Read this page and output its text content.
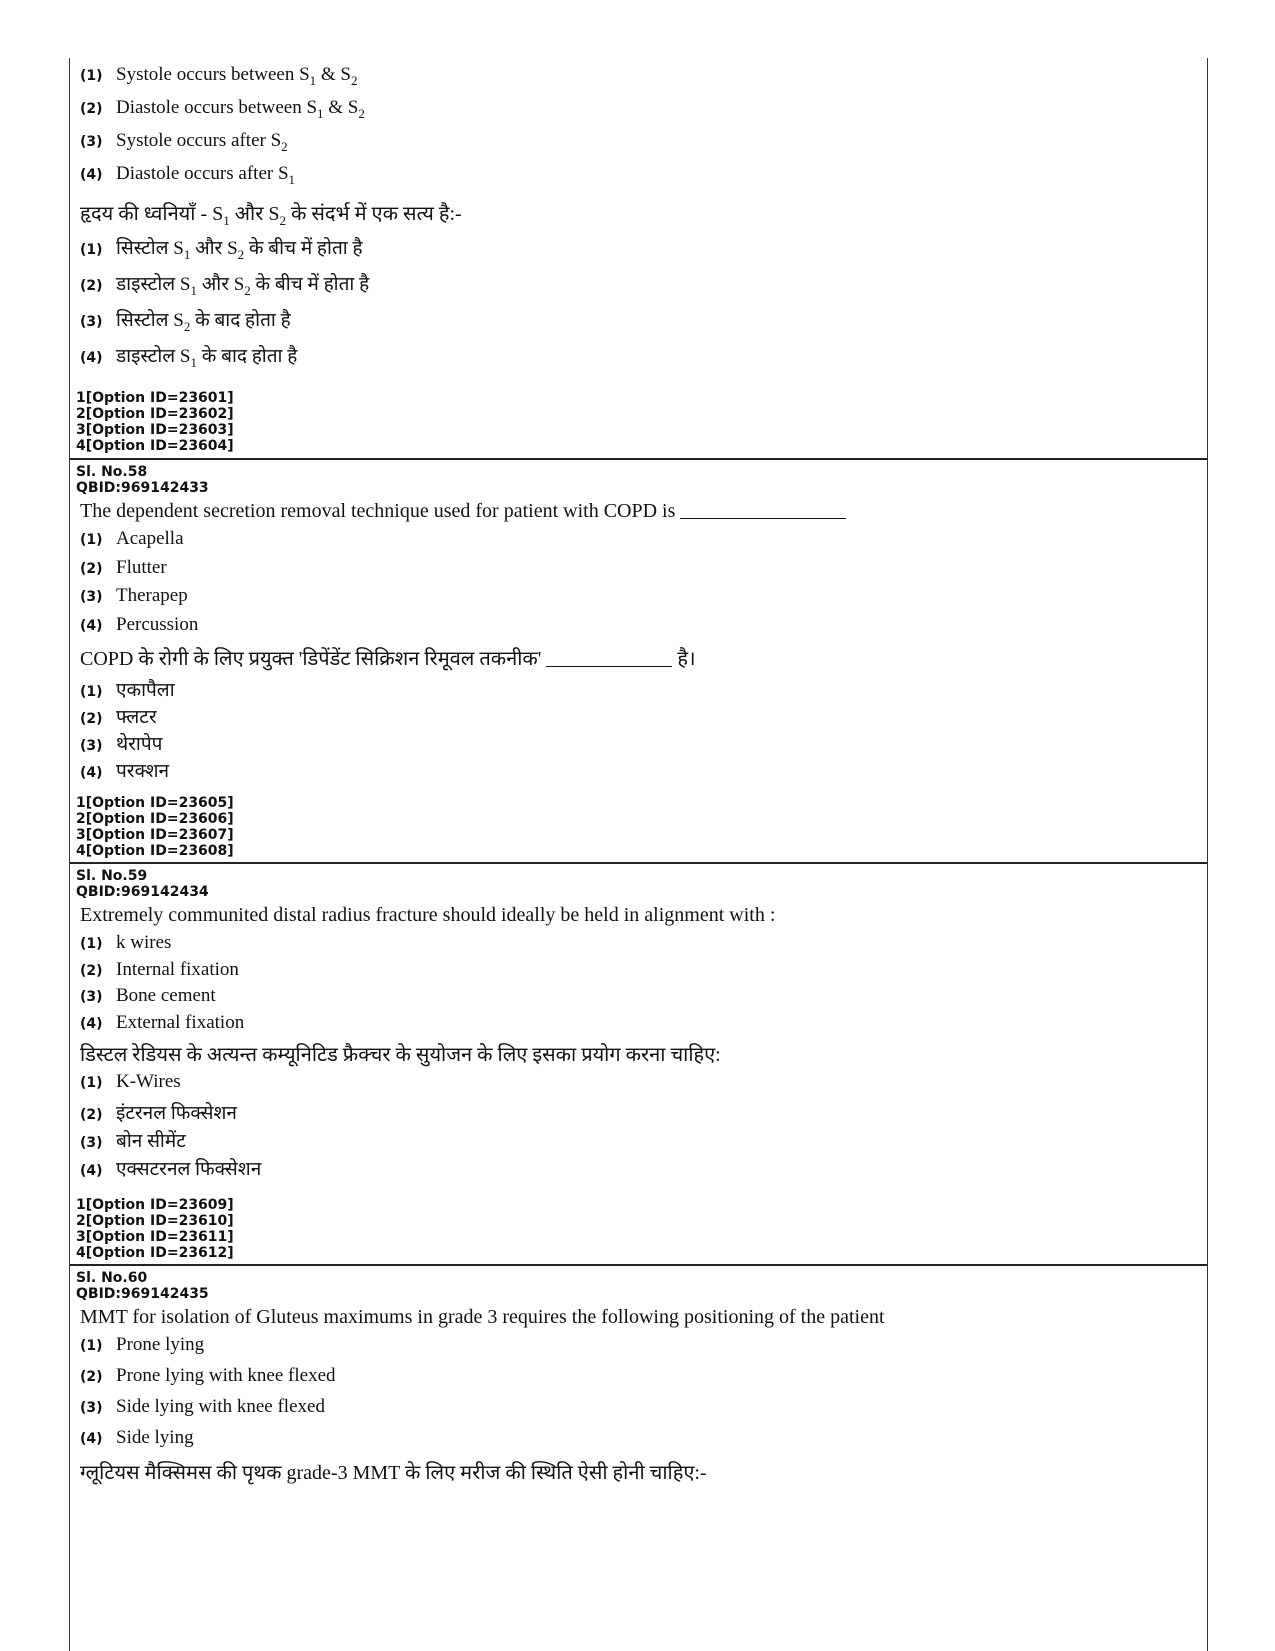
(1) Systole occurs between $S_1$ & $S_2$
(2) Diastole occurs between $S_1$ & $S_2$
(3) Systole occurs after $S_2$
(4) Diastole occurs after $S_1$
हृदय की ध्वनियाँ - $S_1$ और $S_2$ के संदर्भ में एक सत्य है:-
(1) सिस्टोल $S_1$ और $S_2$ के बीच में होता है
(2) डाइस्टोल $S_1$ और $S_2$ के बीच में होता है
(3) सिस्टोल $S_2$ के बाद होता है
(4) डाइस्टोल $S_1$ के बाद होता है
1[Option ID=23601]
2[Option ID=23602]
3[Option ID=23603]
4[Option ID=23604]
Sl. No.58
QBID:969142433
The dependent secretion removal technique used for patient with COPD is
(1) Acapella
(2) Flutter
(3) Therapep
(4) Percussion
COPD के रोगी के लिए प्रयुक्त 'डिपेंडेंट सिक्रिशन रिमूवल तकनीक'	है।
(1) एकापैला
(2) फ्लटर
(3) थेरापेप
(4) परक्शन
1[Option ID=23605]
2[Option ID=23606]
3[Option ID=23607]
4[Option ID=23608]
Sl. No.59
QBID:969142434
Extremely communited distal radius fracture should ideally be held in alignment with :
(1) k wires
(2) Internal fixation
(3) Bone cement
(4) External fixation
डिस्टल रेडियस के अत्यन्त कम्यूनिटिड फ्रैक्चर के सुयोजन के लिए इसका प्रयोग करना चाहिए:
(1) K-Wires
(2) इंटरनल फिक्सेशन
(3) बोन सीमेंट
(4) एक्सटरनल फिक्सेशन
1[Option ID=23609]
2[Option ID=23610]
3[Option ID=23611]
4[Option ID=23612]
Sl. No.60
QBID:969142435
MMT for isolation of Gluteus maximums in grade 3 requires the following positioning of the patient
(1) Prone lying
(2) Prone lying with knee flexed
(3) Side lying with knee flexed
(4) Side lying
ग्लूटियस मैक्सिमस की पृथक grade-3 MMT के लिए मरीज की स्थिति ऐसी होनी चाहिए:-
